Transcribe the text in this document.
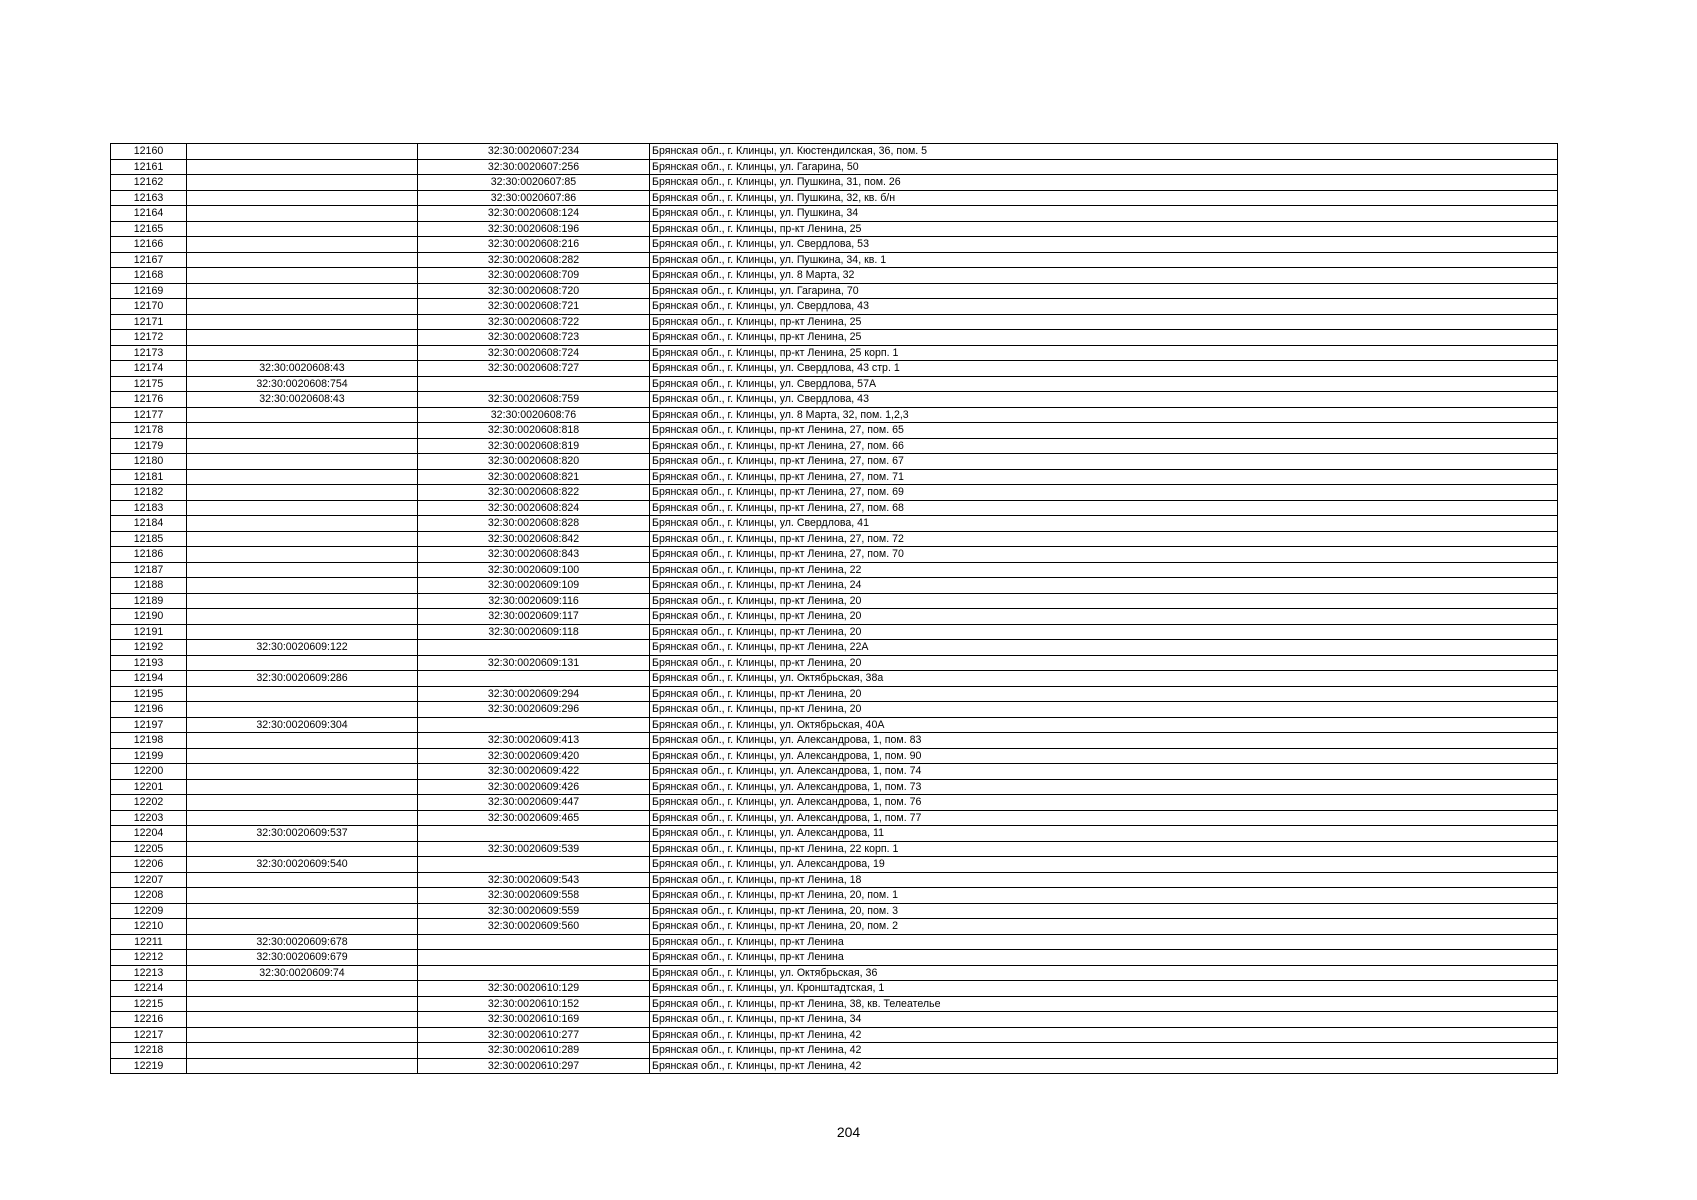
12160		32:30:0020607:234	Брянская обл., г. Клинцы, ул. Кюстендилская, 36, пом. 5
12161		32:30:0020607:256	Брянская обл., г. Клинцы, ул. Гагарина, 50
12162		32:30:0020607:85	Брянская обл., г. Клинцы, ул. Пушкина, 31, пом. 26
12163		32:30:0020607:86	Брянская обл., г. Клинцы, ул. Пушкина, 32, кв. б/н
12164		32:30:0020608:124	Брянская обл., г. Клинцы, ул. Пушкина, 34
12165		32:30:0020608:196	Брянская обл., г. Клинцы, пр-кт Ленина, 25
12166		32:30:0020608:216	Брянская обл., г. Клинцы, ул. Свердлова, 53
12167		32:30:0020608:282	Брянская обл., г. Клинцы, ул. Пушкина, 34, кв. 1
12168		32:30:0020608:709	Брянская обл., г. Клинцы, ул. 8 Марта, 32
12169		32:30:0020608:720	Брянская обл., г. Клинцы, ул. Гагарина, 70
12170		32:30:0020608:721	Брянская обл., г. Клинцы, ул. Свердлова, 43
12171		32:30:0020608:722	Брянская обл., г. Клинцы, пр-кт Ленина, 25
12172		32:30:0020608:723	Брянская обл., г. Клинцы, пр-кт Ленина, 25
12173		32:30:0020608:724	Брянская обл., г. Клинцы, пр-кт Ленина, 25 корп. 1
12174	32:30:0020608:43	32:30:0020608:727	Брянская обл., г. Клинцы, ул. Свердлова, 43 стр. 1
12175	32:30:0020608:754		Брянская обл., г. Клинцы, ул. Свердлова, 57А
12176	32:30:0020608:43	32:30:0020608:759	Брянская обл., г. Клинцы, ул. Свердлова, 43
12177		32:30:0020608:76	Брянская обл., г. Клинцы, ул. 8 Марта, 32, пом. 1,2,3
12178		32:30:0020608:818	Брянская обл., г. Клинцы, пр-кт Ленина, 27, пом. 65
12179		32:30:0020608:819	Брянская обл., г. Клинцы, пр-кт Ленина, 27, пом. 66
12180		32:30:0020608:820	Брянская обл., г. Клинцы, пр-кт Ленина, 27, пом. 67
12181		32:30:0020608:821	Брянская обл., г. Клинцы, пр-кт Ленина, 27, пом. 71
12182		32:30:0020608:822	Брянская обл., г. Клинцы, пр-кт Ленина, 27, пом. 69
12183		32:30:0020608:824	Брянская обл., г. Клинцы, пр-кт Ленина, 27, пом. 68
12184		32:30:0020608:828	Брянская обл., г. Клинцы, ул. Свердлова, 41
12185		32:30:0020608:842	Брянская обл., г. Клинцы, пр-кт Ленина, 27, пом. 72
12186		32:30:0020608:843	Брянская обл., г. Клинцы, пр-кт Ленина, 27, пом. 70
12187		32:30:0020609:100	Брянская обл., г. Клинцы, пр-кт Ленина, 22
12188		32:30:0020609:109	Брянская обл., г. Клинцы, пр-кт Ленина, 24
12189		32:30:0020609:116	Брянская обл., г. Клинцы, пр-кт Ленина, 20
12190		32:30:0020609:117	Брянская обл., г. Клинцы, пр-кт Ленина, 20
12191		32:30:0020609:118	Брянская обл., г. Клинцы, пр-кт Ленина, 20
12192	32:30:0020609:122		Брянская обл., г. Клинцы, пр-кт Ленина, 22А
12193		32:30:0020609:131	Брянская обл., г. Клинцы, пр-кт Ленина, 20
12194	32:30:0020609:286		Брянская обл., г. Клинцы, ул. Октябрьская, 38а
12195		32:30:0020609:294	Брянская обл., г. Клинцы, пр-кт Ленина, 20
12196		32:30:0020609:296	Брянская обл., г. Клинцы, пр-кт Ленина, 20
12197	32:30:0020609:304		Брянская обл., г. Клинцы, ул. Октябрьская, 40А
12198		32:30:0020609:413	Брянская обл., г. Клинцы, ул. Александрова, 1, пом. 83
12199		32:30:0020609:420	Брянская обл., г. Клинцы, ул. Александрова, 1, пом. 90
12200		32:30:0020609:422	Брянская обл., г. Клинцы, ул. Александрова, 1, пом. 74
12201		32:30:0020609:426	Брянская обл., г. Клинцы, ул. Александрова, 1, пом. 73
12202		32:30:0020609:447	Брянская обл., г. Клинцы, ул. Александрова, 1, пом. 76
12203		32:30:0020609:465	Брянская обл., г. Клинцы, ул. Александрова, 1, пом. 77
12204	32:30:0020609:537		Брянская обл., г. Клинцы, ул. Александрова, 11
12205		32:30:0020609:539	Брянская обл., г. Клинцы, пр-кт Ленина, 22 корп. 1
12206	32:30:0020609:540		Брянская обл., г. Клинцы, ул. Александрова, 19
12207		32:30:0020609:543	Брянская обл., г. Клинцы, пр-кт Ленина, 18
12208		32:30:0020609:558	Брянская обл., г. Клинцы, пр-кт Ленина, 20, пом. 1
12209		32:30:0020609:559	Брянская обл., г. Клинцы, пр-кт Ленина, 20, пом. 3
12210		32:30:0020609:560	Брянская обл., г. Клинцы, пр-кт Ленина, 20, пом. 2
12211	32:30:0020609:678		Брянская обл., г. Клинцы, пр-кт Ленина
12212	32:30:0020609:679		Брянская обл., г. Клинцы, пр-кт Ленина
12213	32:30:0020609:74		Брянская обл., г. Клинцы, ул. Октябрьская, 36
12214		32:30:0020610:129	Брянская обл., г. Клинцы, ул. Кронштадтская, 1
12215		32:30:0020610:152	Брянская обл., г. Клинцы, пр-кт Ленина, 38, кв. Телеателье
12216		32:30:0020610:169	Брянская обл., г. Клинцы, пр-кт Ленина, 34
12217		32:30:0020610:277	Брянская обл., г. Клинцы, пр-кт Ленина, 42
12218		32:30:0020610:289	Брянская обл., г. Клинцы, пр-кт Ленина, 42
12219		32:30:0020610:297	Брянская обл., г. Клинцы, пр-кт Ленина, 42
204
